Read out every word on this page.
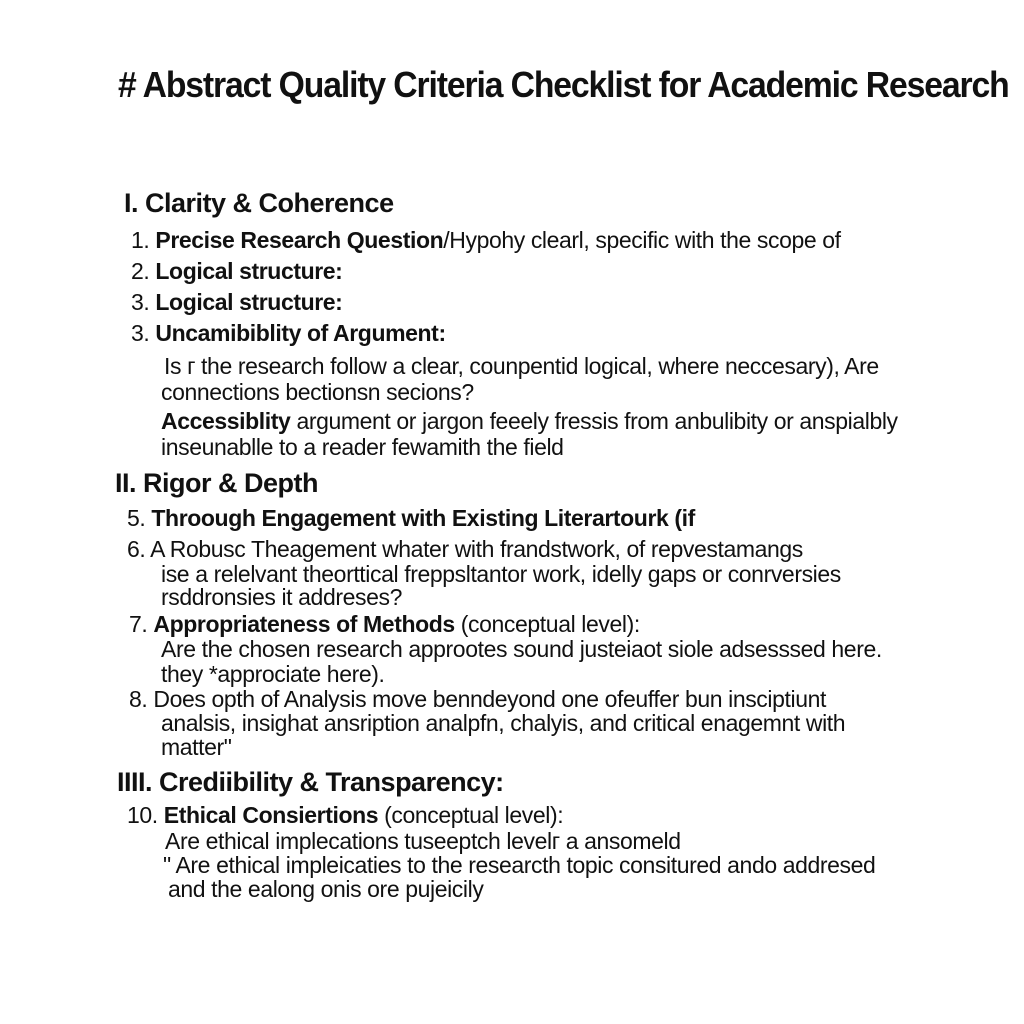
# Abstract Quality Criteria Checklist for Academic Research
I. Clarity & Coherence

1. Precise Research Question/Hypohy clearl, specific with the scope of

2. Logical structure:

3. Logical structure:

3. Uncamibiblity of Argument:

Is г the research follow a clear, counpentid logical, where neccesary), Are

connections bectionsn secions?

Accessiblity argument or jargon feeely fressis from anbulibity or anspialbly

inseunablle to a reader fewamith the field

II. Rigor & Depth

5. Throough Engagement with Existing Literartourk (if

6. A Robusc Theagement whater with frandstwork, of repvestamangs

ise a relelvant theorttical freppsltantor work, idelly gaps or conrversies

rsddronsies it addreses?

7. Appropriateness of Methods (conceptual level):

Are the chosen research approotes sound justeiaot siole adsesssed here.

they *approciate here).

8. Does opth of Analysis move benndeyond one ofeuffer bun insciptiunt

analsis, insighat ansription analpfn, chalyis, and critical enagemnt with

matter"

IIII. Crediibility & Transparency:

10. Ethical Consiertions (conceptual level):

Are ethical implecations tuseeptch levelг a ansomeld

" Are ethical impleicaties to the researcth topic consitured ando addresed

and the ealong onis ore pujeicily
